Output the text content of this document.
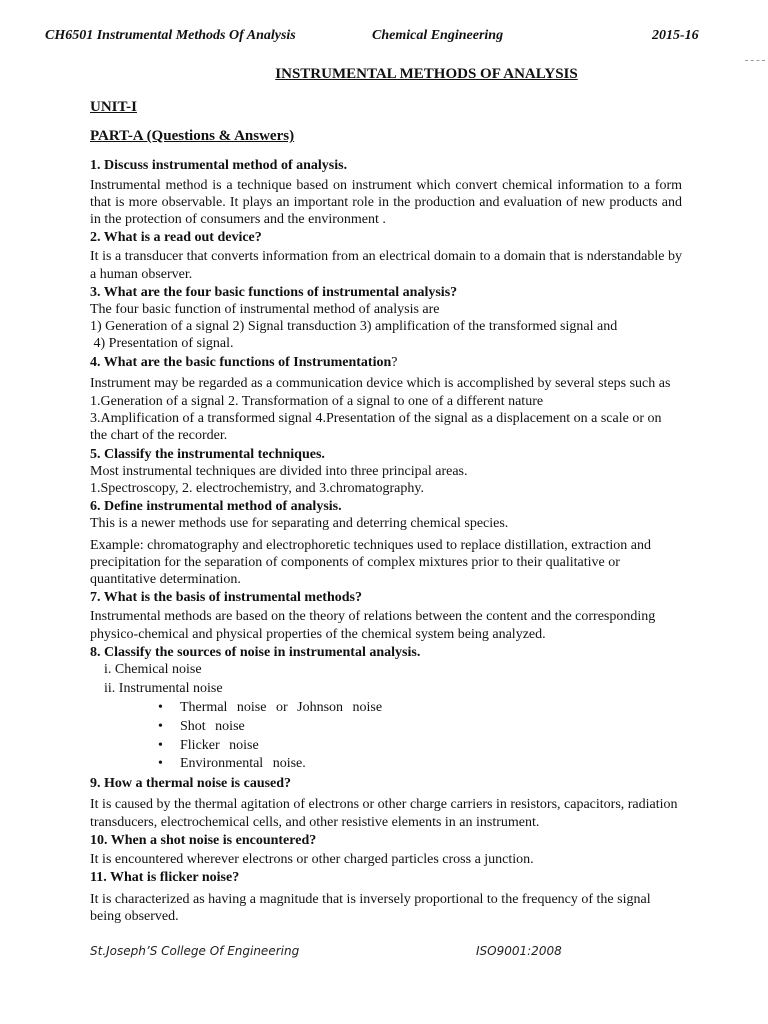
CH6501 Instrumental Methods Of Analysis	Chemical Engineering	2015-16
INSTRUMENTAL METHODS OF ANALYSIS

UNIT-I

PART-A (Questions & Answers)

1. Discuss instrumental method of analysis.

Instrumental method is a technique based on instrument which convert chemical information to a form that is more observable. It plays an important role in the production and evaluation of new products and in the protection of consumers and the environment .

2. What is a read out device?

It is a transducer that converts information from an electrical domain to a domain that is nderstandable by a human observer.

3. What are the four basic functions of instrumental analysis?

The four basic function of instrumental method of analysis are

1) Generation of a signal 2) Signal transduction 3) amplification of the transformed signal and

4) Presentation of signal.

4. What are the basic functions of Instrumentation?

Instrument may be regarded as a communication device which is accomplished by several steps such as

1.Generation of a signal 2. Transformation of a signal to one of a different nature

3.Amplification of a transformed signal 4.Presentation of the signal as a displacement on a scale or on the chart of the recorder.

5. Classify the instrumental techniques.

Most instrumental techniques are divided into three principal areas.

1.Spectroscopy, 2. electrochemistry, and 3.chromatography.

6. Define instrumental method of analysis.

This is a newer methods use for separating and deterring chemical species.

Example: chromatography and electrophoretic techniques used to replace distillation, extraction and precipitation for the separation of components of complex mixtures prior to their qualitative or quantitative determination.

7. What is the basis of instrumental methods?

Instrumental methods are based on the theory of relations between the content and the corresponding physico-chemical and physical properties of the chemical system being analyzed.

8. Classify the sources of noise in instrumental analysis.

i. Chemical noise

ii. Instrumental noise

• Thermal noise or Johnson noise
• Shot noise
• Flicker noise
• Environmental noise.

9. How a thermal noise is caused?

It is caused by the thermal agitation of electrons or other charge carriers in resistors, capacitors, radiation transducers, electrochemical cells, and other resistive elements in an instrument.

10. When a shot noise is encountered?

It is encountered wherever electrons or other charged particles cross a junction.

11. What is flicker noise?

It is characterized as having a magnitude that is inversely proportional to the frequency of the signal being observed.

St.Joseph’S College Of Engineering	ISO9001:2008
